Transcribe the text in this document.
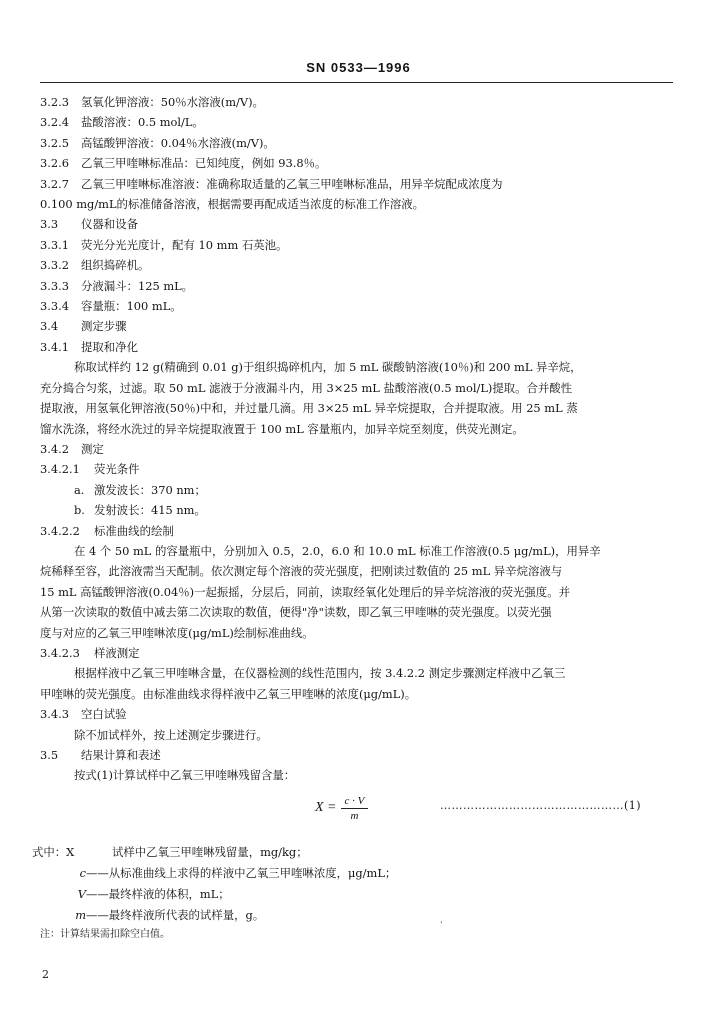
SN 0533—1996
3.2.3 氢氧化钾溶液：50％水溶液(m/V)。
3.2.4 盐酸溶液：0.5 mol/L。
3.2.5 高锰酸钾溶液：0.04％水溶液(m/V)。
3.2.6 乙氧三甲喹啉标准品：已知纯度，例如 93.8％。
3.2.7 乙氧三甲喹啉标准溶液：准确称取适量的乙氧三甲喹啉标准品，用异辛烷配成浓度为
0.100 mg/mL的标准储备溶液，根据需要再配成适当浓度的标准工作溶液。
3.3 仪器和设备
3.3.1 荧光分光光度计，配有 10 mm 石英池。
3.3.2 组织捣碎机。
3.3.3 分液漏斗：125 mL。
3.3.4 容量瓶：100 mL。
3.4 测定步骤
3.4.1 提取和净化
称取试样约 12 g(精确到 0.01 g)于组织捣碎机内，加 5 mL 碳酸钠溶液(10％)和 200 mL 异辛烷，
充分捣合匀浆，过滤。取 50 mL 滤液于分液漏斗内，用 3×25 mL 盐酸溶液(0.5 mol/L)提取。合并酸性
提取液，用氢氧化钾溶液(50％)中和，并过量几滴。用 3×25 mL 异辛烷提取，合并提取液。用 25 mL 蒸
馏水洗涤，将经水洗过的异辛烷提取液置于 100 mL 容量瓶内，加异辛烷至刻度，供荧光测定。
3.4.2 测定
3.4.2.1 荧光条件
a. 激发波长：370 nm；
b. 发射波长：415 nm。
3.4.2.2 标准曲线的绘制
在 4 个 50 mL 的容量瓶中，分别加入 0.5，2.0，6.0 和 10.0 mL 标准工作溶液(0.5 μg/mL)，用异辛
烷稀释至容，此溶液需当天配制。依次测定每个溶液的荧光强度，把刚读过数值的 25 mL 异辛烷溶液与
15 mL 高锰酸钾溶液(0.04％)一起振摇，分层后，同前，读取经氧化处理后的异辛烷溶液的荧光强度。并
从第一次读取的数值中减去第二次读取的数值，便得"净"读数，即乙氧三甲喹啉的荧光强度。以荧光强
度与对应的乙氧三甲喹啉浓度(μg/mL)绘制标准曲线。
3.4.2.3 样液测定
根据样液中乙氧三甲喹啉含量，在仪器检测的线性范围内，按 3.4.2.2 测定步骤测定样液中乙氧三
甲喹啉的荧光强度。由标准曲线求得样液中乙氧三甲喹啉的浓度(μg/mL)。
3.4.3 空白试验
除不加试样外，按上述测定步骤进行。
3.5 结果计算和表述
按式(1)计算试样中乙氧三甲喹啉残留含量：
$X = \frac{c \cdot V}{m}$	…………………………………………(1)
式中：X	试样中乙氧三甲喹啉残留量，mg/kg；
c——从标准曲线上求得的样液中乙氧三甲喹啉浓度，μg/mL；
V——最终样液的体积，mL；
m——最终样液所代表的试样量，g。
注：计算结果需扣除空白值。
'
2
